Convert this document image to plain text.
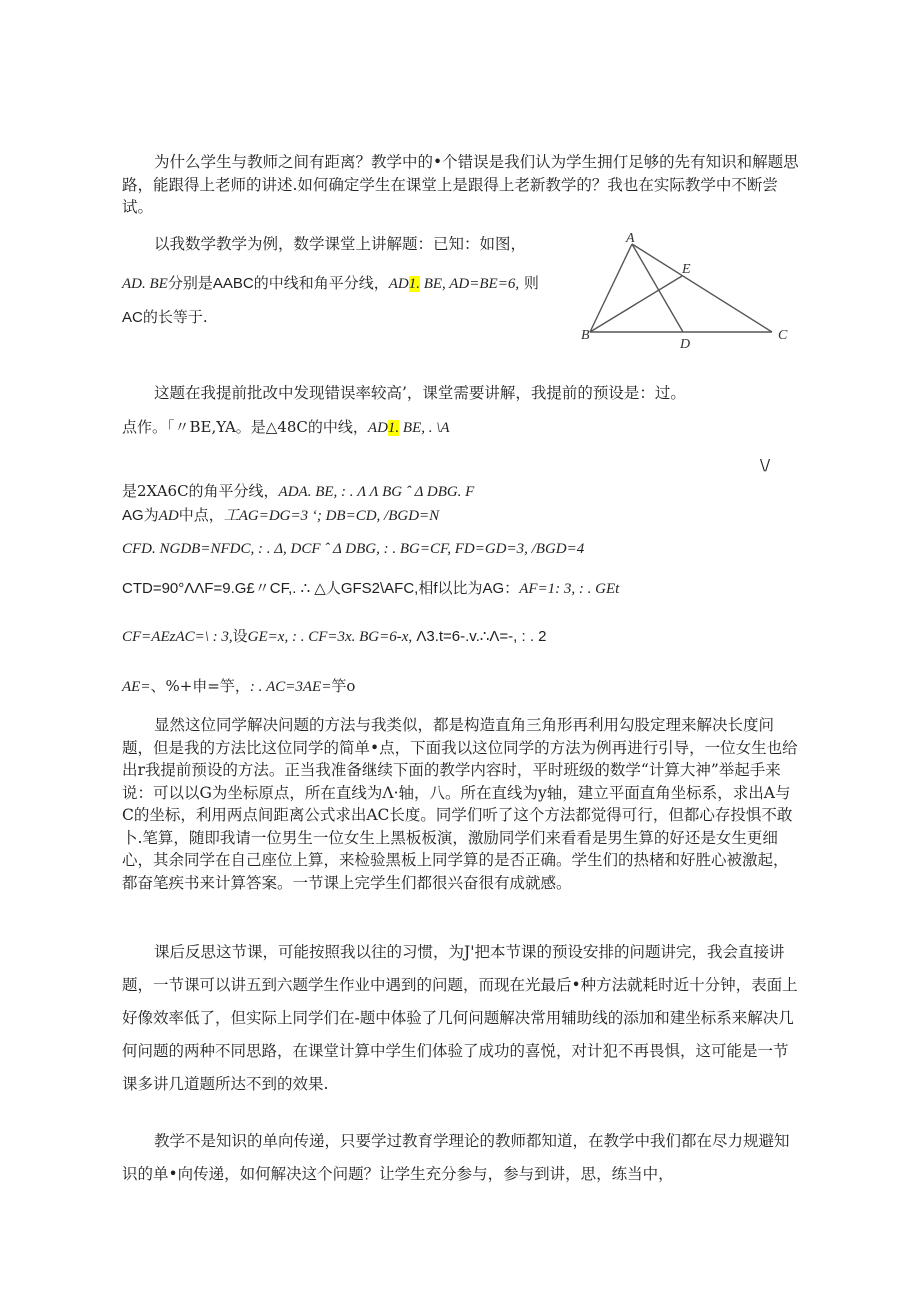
为什么学生与教师之间有距离？教学中的•个错误是我们认为学生拥仃足够的先有知识和解题思路，能跟得上老师的讲述.如何确定学生在课堂上是跟得上老新教学的？我也在实际教学中不断尝试。
以我数学教学为例，数学课堂上讲解题：已知：如图，
AD. BE分别是AABC的中线和角平分线，AD1. BE, AD=BE=6, 则
AC的长等于.
A
E
B	C
D
这题在我提前批改中发现错误率较高’，课堂需要讲解，我提前的预设是：过。
点作。「〃BE,YA。是△48C的中线，AD1. BE, . \A
\/
是2XA6C的角平分线，ADA. BE, : . Λ Λ BG ˆ Δ DBG. F
AG为AD中点，工AG=DG=3 ‘; DB=CD, /BGD=N
CFD. NGDB=NFDC, : . Δ, DCF ˆ Δ DBG, : . BG=CF, FD=GD=3, /BGD=4
CTD=90°ΛΛF=9.G£〃CF,. ∴ △人GFS2\AFC,相f以比为AG：AF=1: 3, : . GEt
CF=AEzAC=\ : 3,设GE=x, : . CF=3x. BG=6-x, Λ3.t=6-.v.∴Λ=-, : . 2
AE=、%+申=竽，: . AC=3AE=竽o
显然这位同学解决问题的方法与我类似，都是构造直角三角形再利用勾股定理来解决长度问题，但是我的方法比这位同学的简单•点，下面我以这位同学的方法为例再进行引导，一位女生也给出r我提前预设的方法。正当我准备继续下面的教学内容时，平时班级的数学“计算大神”举起手来说：可以以G为坐标原点，所在直线为Λ·轴，八。所在直线为y轴，建立平面直角坐标系，求出A与C的坐标，利用两点间距离公式求出AC长度。同学们听了这个方法都觉得可行，但都心存投惧不敢卜.笔算，随即我请一位男生一位女生上黑板板演，激励同学们来看看是男生算的好还是女生更细心，其余同学在自己座位上算，来检验黑板上同学算的是否正确。学生们的热楮和好胜心被激起，都奋笔疾书来计算答案。一节课上完学生们都很兴奋很有成就感。
课后反思这节课，可能按照我以往的习惯，为J'把本节课的预设安排的问题讲完，我会直接讲题，一节课可以讲五到六题学生作业中遇到的问题，而现在光最后•种方法就耗时近十分钟，表面上好像效率低了，但实际上同学们在-题中体验了几何问题解决常用辅助线的添加和建坐标系来解决几何问题的两种不同思路，在课堂计算中学生们体验了成功的喜悦，对计犯不再畏惧，这可能是一节课多讲几道题所达不到的效果.
教学不是知识的单向传递，只要学过教育学理论的教师都知道，在教学中我们都在尽力规避知识的单•向传递，如何解决这个问题？让学生充分参与，参与到讲，思，练当中，
